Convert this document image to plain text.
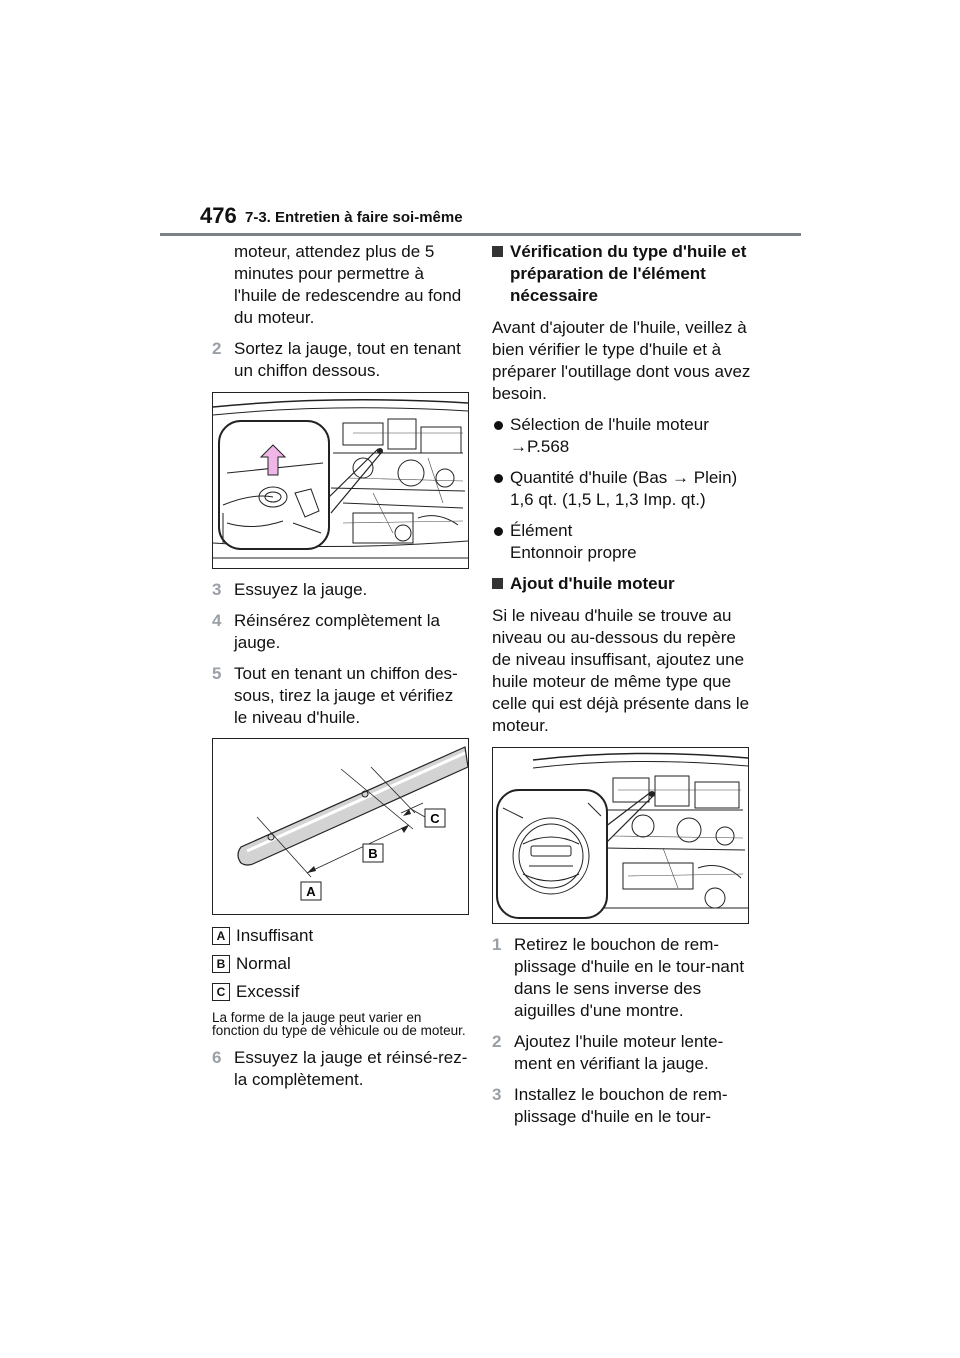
476 7-3. Entretien à faire soi-même

moteur, attendez plus de 5 minutes pour permettre à l'huile de redescendre au fond du moteur.

2 Sortez la jauge, tout en tenant un chiffon dessous.
3 Essuyez la jauge.
4 Réinsérez complètement la jauge.
5 Tout en tenant un chiffon des-sous, tirez la jauge et vérifiez le niveau d'huile.
A
B
C
A Insuffisant
B Normal
C Excessif

La forme de la jauge peut varier en fonction du type de véhicule ou de moteur.

6 Essuyez la jauge et réinsé-rez-la complètement.
Vérification du type d'huile et préparation de l'élément nécessaire

Avant d'ajouter de l'huile, veillez à bien vérifier le type d'huile et à préparer l'outillage dont vous avez besoin.

Sélection de l'huile moteur
→P.568
Quantité d'huile (Bas → Plein)
1,6 qt. (1,5 L, 1,3 Imp. qt.)
Élément
Entonnoir propre
Ajout d'huile moteur

Si le niveau d'huile se trouve au niveau ou au-dessous du repère de niveau insuffisant, ajoutez une huile moteur de même type que celle qui est déjà présente dans le moteur.

1 Retirez le bouchon de rem-plissage d'huile en le tour-nant dans le sens inverse des aiguilles d'une montre.
2 Ajoutez l'huile moteur lente-ment en vérifiant la jauge.
3 Installez le bouchon de rem-plissage d'huile en le tour-
